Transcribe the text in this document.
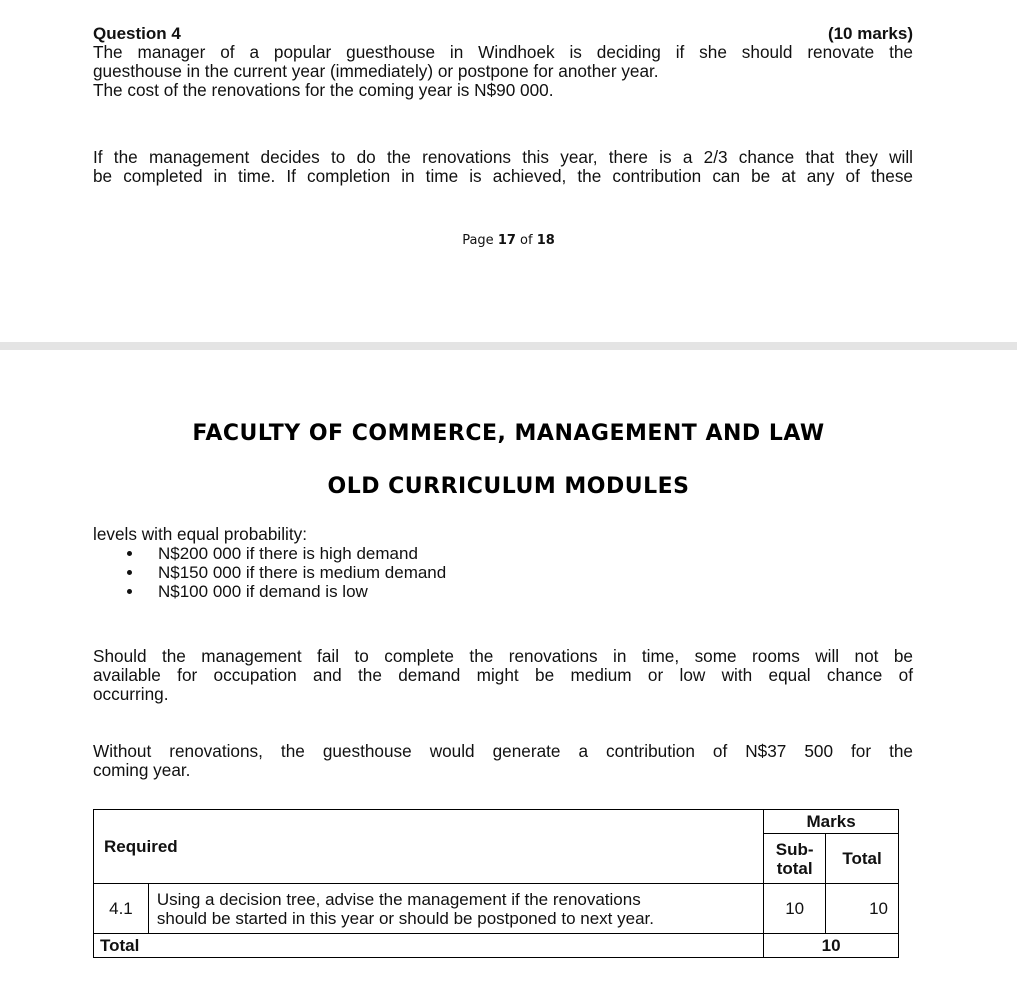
Question 4	(10 marks)
The manager of a popular guesthouse in Windhoek is deciding if she should renovate the
guesthouse in the current year (immediately) or postpone for another year.
The cost of the renovations for the coming year is N$90 000.
If the management decides to do the renovations this year, there is a 2/3 chance that they will
be completed in time. If completion in time is achieved, the contribution can be at any of these
Page 17 of 18
FACULTY OF COMMERCE, MANAGEMENT AND LAW
OLD CURRICULUM MODULES
levels with equal probability:
N$200 000 if there is high demand
N$150 000 if there is medium demand
N$100 000 if demand is low
Should the management fail to complete the renovations in time, some rooms will not be
available for occupation and the demand might be medium or low with equal chance of
occurring.
Without renovations, the guesthouse would generate a contribution of N$37 500 for the
coming year.
Required		Marks	
		Sub-
total	Total
4.1	Using a decision tree, advise the management if the renovations
should be started in this year or should be postponed to next year.	10	10
Total		10	
